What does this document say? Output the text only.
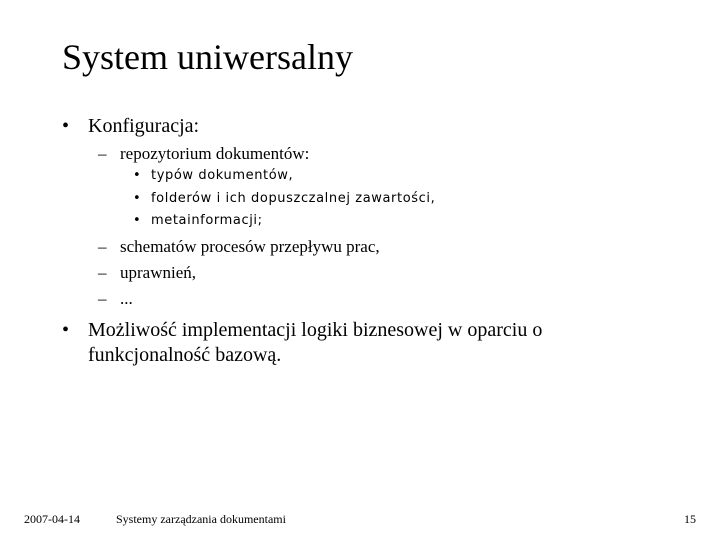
System uniwersalny
• Konfiguracja:
– repozytorium dokumentów:
• typów dokumentów,
• folderów i ich dopuszczalnej zawartości,
• metainformacji;
– schematów procesów przepływu prac,
– uprawnień,
– ...
• Możliwość implementacji logiki biznesowej w oparciu o
funkcjonalność bazową.
2007-04-14	Systemy zarządzania dokumentami	15
